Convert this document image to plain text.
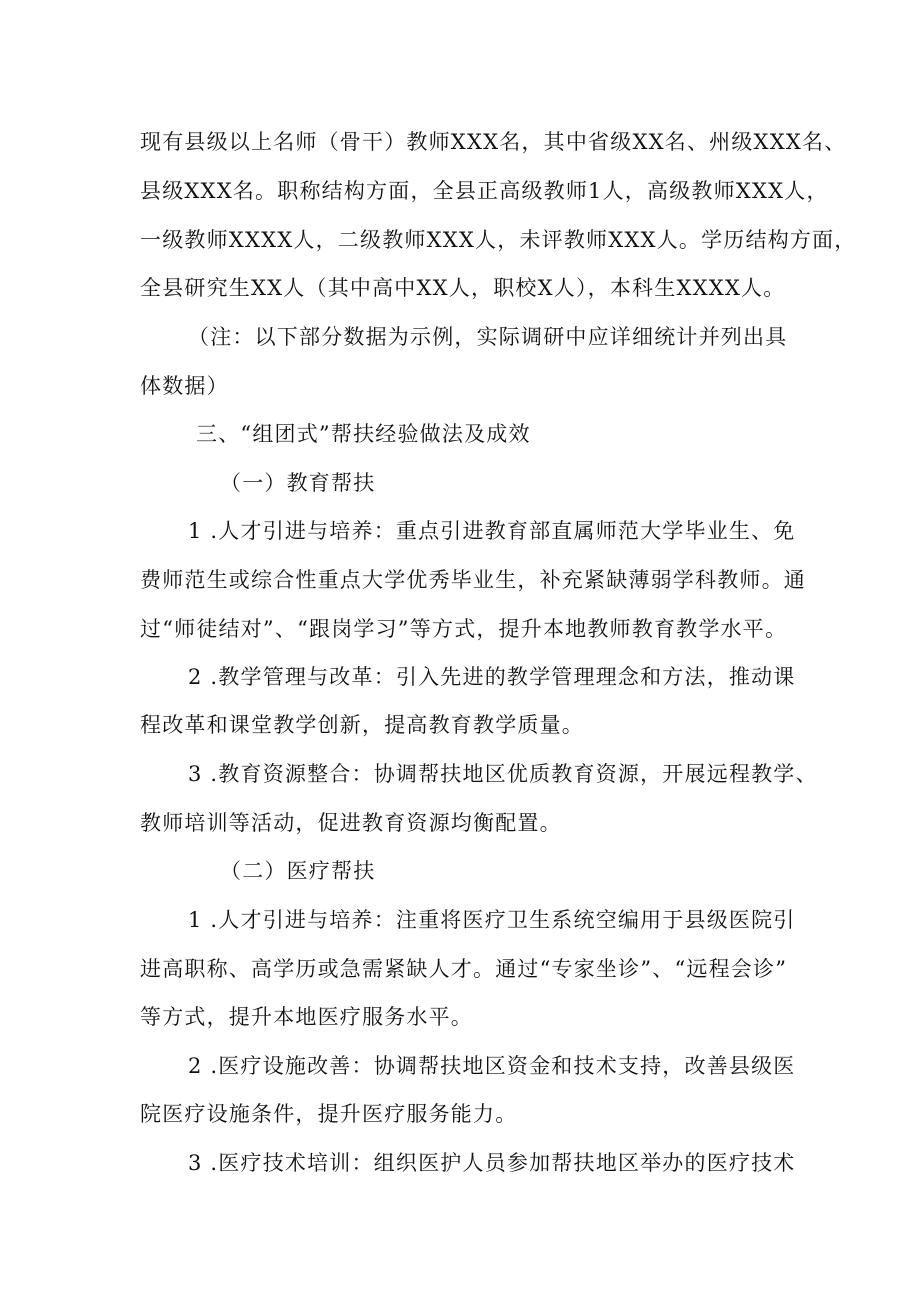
现有县级以上名师（骨干）教师XXX名，其中省级XX名、州级XXX名、
县级XXX名。职称结构方面，全县正高级教师1人，高级教师XXX人，
一级教师XXXX人，二级教师XXX人，未评教师XXX人。学历结构方面，
全县研究生XX人（其中高中XX人，职校X人），本科生XXXX人。
（注：以下部分数据为示例，实际调研中应详细统计并列出具
体数据）
三、“组团式”帮扶经验做法及成效
（一）教育帮扶
1 .人才引进与培养：重点引进教育部直属师范大学毕业生、免
费师范生或综合性重点大学优秀毕业生，补充紧缺薄弱学科教师。通
过“师徒结对”、“跟岗学习”等方式，提升本地教师教育教学水平。
2 .教学管理与改革：引入先进的教学管理理念和方法，推动课
程改革和课堂教学创新，提高教育教学质量。
3 .教育资源整合：协调帮扶地区优质教育资源，开展远程教学、
教师培训等活动，促进教育资源均衡配置。
（二）医疗帮扶
1 .人才引进与培养：注重将医疗卫生系统空编用于县级医院引
进高职称、高学历或急需紧缺人才。通过“专家坐诊”、“远程会诊”
等方式，提升本地医疗服务水平。
2 .医疗设施改善：协调帮扶地区资金和技术支持，改善县级医
院医疗设施条件，提升医疗服务能力。
3 .医疗技术培训：组织医护人员参加帮扶地区举办的医疗技术
